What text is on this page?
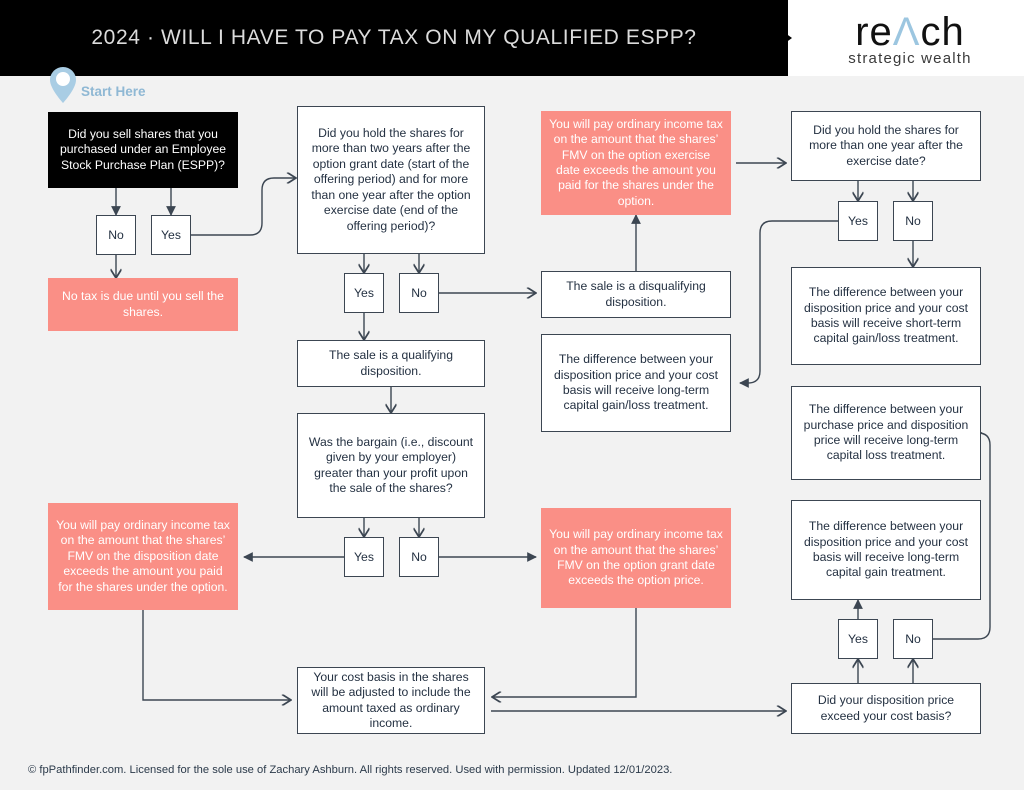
2024 · WILL I HAVE TO PAY TAX ON MY QUALIFIED ESPP?	reΛch
strategic wealth
Start Here
Did you sell shares that you purchased under an Employee Stock Purchase Plan (ESPP)?
No	Yes
No tax is due until you sell the shares.
You will pay ordinary income tax on the amount that the shares’ FMV on the disposition date exceeds the amount you paid for the shares under the option.
Did you hold the shares for more than two years after the option grant date (start of the offering period) and for more than one year after the option exercise date (end of the offering period)?
Yes	No
The sale is a qualifying disposition.
Was the bargain (i.e., discount given by your employer) greater than your profit upon the sale of the shares?
Yes	No
Your cost basis in the shares will be adjusted to include the amount taxed as ordinary income.
You will pay ordinary income tax on the amount that the shares’ FMV on the option exercise date exceeds the amount you paid for the shares under the option.
The sale is a disqualifying disposition.
The difference between your disposition price and your cost basis will receive long-term capital gain/loss treatment.
You will pay ordinary income tax on the amount that the shares’ FMV on the option grant date exceeds the option price.
Did you hold the shares for more than one year after the exercise date?
Yes	No
The difference between your disposition price and your cost basis will receive short-term capital gain/loss treatment.
The difference between your purchase price and disposition price will receive long-term capital loss treatment.
The difference between your disposition price and your cost basis will receive long-term capital gain treatment.
Yes	No
Did your disposition price exceed your cost basis?
© fpPathfinder.com. Licensed for the sole use of Zachary Ashburn. All rights reserved. Used with permission. Updated 12/01/2023.
